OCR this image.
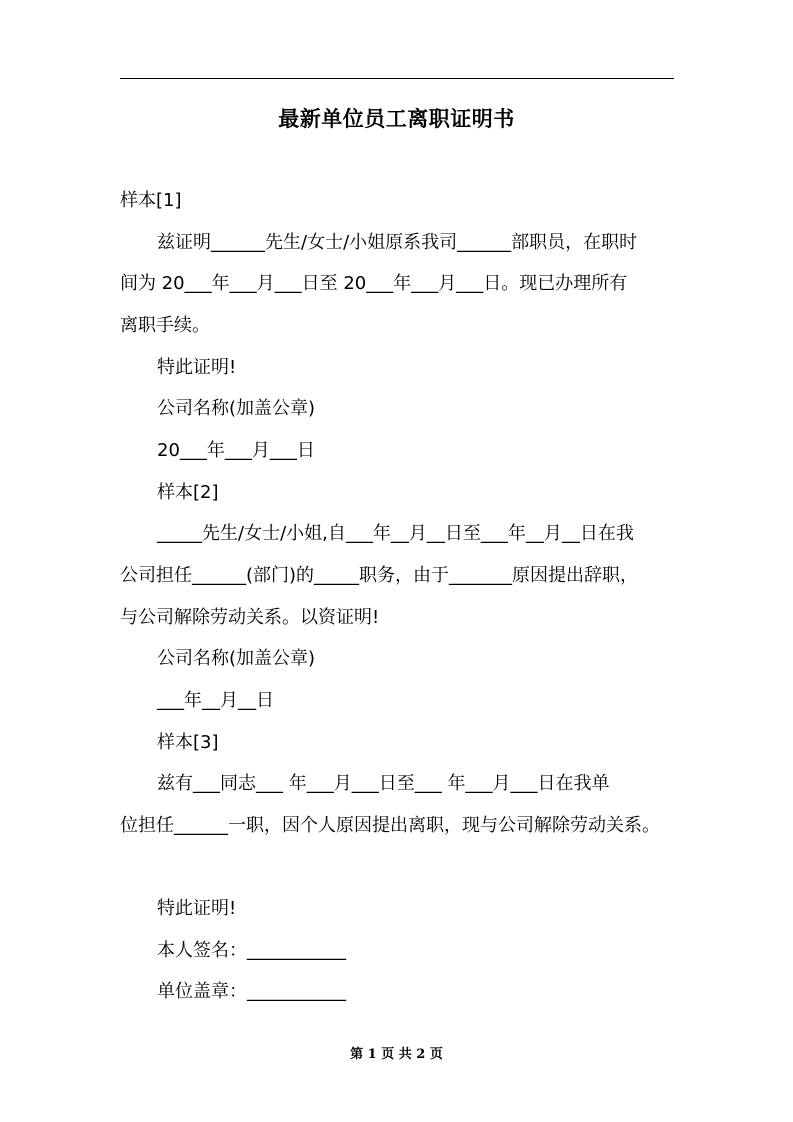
最新单位员工离职证明书
样本[1]
兹证明______先生/女士/小姐原系我司______部职员，在职时
间为 20___年___月___日至 20___年___月___日。现已办理所有
离职手续。
特此证明!
公司名称(加盖公章)
20___年___月___日
样本[2]
_____先生/女士/小姐,自___年__月__日至___年__月__日在我
公司担任______(部门)的_____职务，由于_______原因提出辞职，
与公司解除劳动关系。以资证明!
公司名称(加盖公章)
___年__月__日
样本[3]
兹有___同志___ 年___月___日至___ 年___月___日在我单
位担任______一职，因个人原因提出离职，现与公司解除劳动关系。
特此证明!
本人签名：___________
单位盖章：___________
第 1 页 共 2 页
